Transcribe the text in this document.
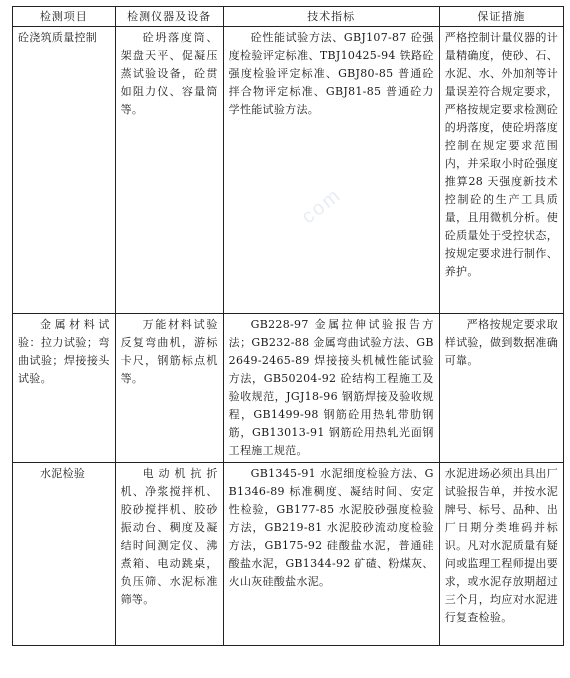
检测项目	检测仪器及设备	技术指标	保证措施
砼浇筑质量控制	砼坍落度筒、架盘天平、促凝压蒸试验设备，砼贯如阻力仪、容量筒等。	砼性能试验方法、GBJ107-87 砼强度检验评定标准、TBJ10425-94 铁路砼强度检验评定标准、GBJ80-85 普通砼拌合物评定标准、GBJ81-85 普通砼力学性能试验方法。	严格控制计量仪器的计量精确度，使砂、石、水泥、水、外加剂等计量误差符合规定要求，严格按规定要求检测砼的坍落度，使砼坍落度控制在规定要求范围内，并采取小时砼强度推算28 天强度新技术控制砼的生产工具质量，且用微机分析。使砼质量处于受控状态，按规定要求进行制作、养护。
金属材料试验：拉力试验；弯曲试验；焊接接头试验。	万能材料试验反复弯曲机，游标卡尺，钢筋标点机等。	GB228-97 金属拉伸试验报告方法；GB232-88 金属弯曲试验方法、GB2649-2465-89 焊接接头机械性能试验方法，GB50204-92 砼结构工程施工及验收规范，JGJ18-96 钢筋焊接及验收规程，GB1499-98 钢筋砼用热轧带肋钢筋，GB13013-91 钢筋砼用热轧光面钢工程施工规范。	严格按规定要求取样试验，做到数据准确可靠。
水泥检验	电动机抗折机、净浆搅拌机、胶砂搅拌机、胶砂振动台、稠度及凝结时间测定仪、沸煮箱、电动跳桌，负压筛、水泥标准筛等。	GB1345-91 水泥细度检验方法、GB1346-89 标准稠度、凝结时间、安定性检验，GB177-85 水泥胶砂强度检验方法，GB219-81 水泥胶砂流动度检验方法，GB175-92 硅酸盐水泥，普通硅酸盐水泥，GB1344-92 矿碴、粉煤灰、火山灰硅酸盐水泥。	水泥进场必须出具出厂试验报告单，并按水泥牌号、标号、品种、出厂日期分类堆码并标识。凡对水泥质量有疑问或监理工程师提出要求，或水泥存放期超过三个月，均应对水泥进行复查检验。
com
